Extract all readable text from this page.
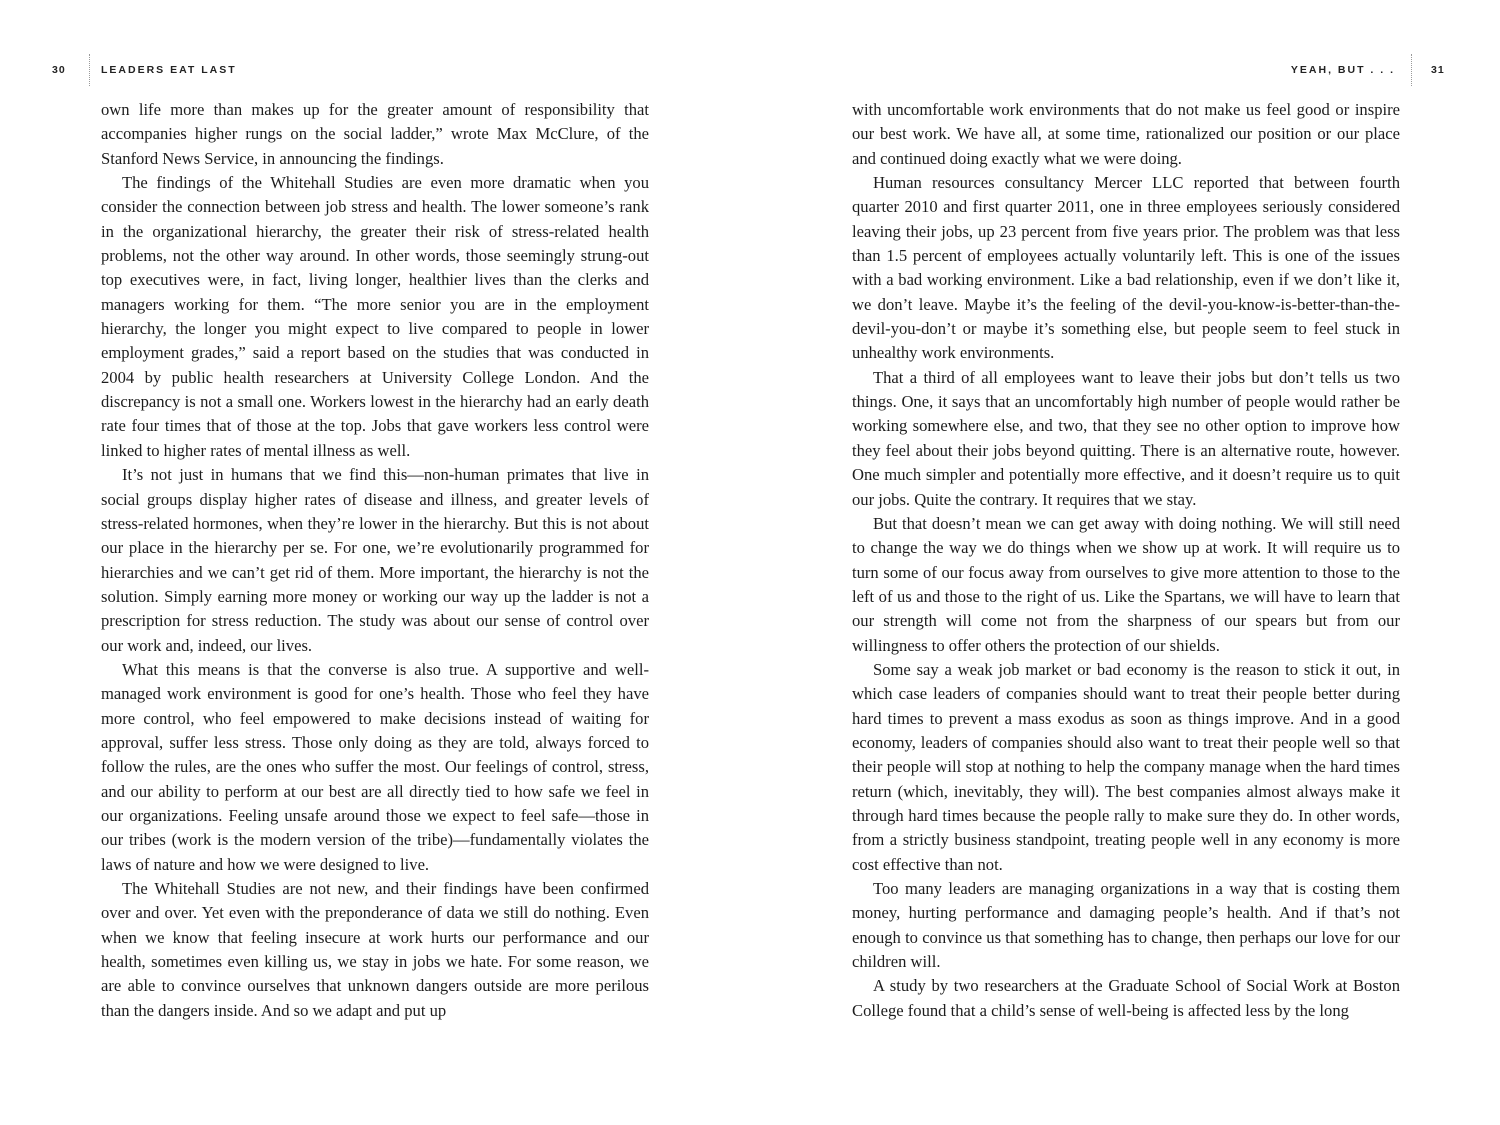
30	LEADERS EAT LAST

own life more than makes up for the greater amount of responsibility that accompanies higher rungs on the social ladder,” wrote Max McClure, of the Stanford News Service, in announcing the findings.

The findings of the Whitehall Studies are even more dramatic when you consider the connection between job stress and health. The lower someone’s rank in the organizational hierarchy, the greater their risk of stress-related health problems, not the other way around. In other words, those seemingly strung-out top executives were, in fact, living longer, healthier lives than the clerks and managers working for them. “The more senior you are in the employment hierarchy, the longer you might expect to live compared to people in lower employment grades,” said a report based on the studies that was conducted in 2004 by public health researchers at University College London. And the discrepancy is not a small one. Workers lowest in the hierarchy had an early death rate four times that of those at the top. Jobs that gave workers less control were linked to higher rates of mental illness as well.

It’s not just in humans that we find this—non-human primates that live in social groups display higher rates of disease and illness, and greater levels of stress-related hormones, when they’re lower in the hierarchy. But this is not about our place in the hierarchy per se. For one, we’re evolutionarily programmed for hierarchies and we can’t get rid of them. More important, the hierarchy is not the solution. Simply earning more money or working our way up the ladder is not a prescription for stress reduction. The study was about our sense of control over our work and, indeed, our lives.

What this means is that the converse is also true. A supportive and well-managed work environment is good for one’s health. Those who feel they have more control, who feel empowered to make decisions instead of waiting for approval, suffer less stress. Those only doing as they are told, always forced to follow the rules, are the ones who suffer the most. Our feelings of control, stress, and our ability to perform at our best are all directly tied to how safe we feel in our organizations. Feeling unsafe around those we expect to feel safe—those in our tribes (work is the modern version of the tribe)—fundamentally violates the laws of nature and how we were designed to live.

The Whitehall Studies are not new, and their findings have been confirmed over and over. Yet even with the preponderance of data we still do nothing. Even when we know that feeling insecure at work hurts our performance and our health, sometimes even killing us, we stay in jobs we hate. For some reason, we are able to convince ourselves that unknown dangers outside are more perilous than the dangers inside. And so we adapt and put up

YEAH, BUT . . .	31

with uncomfortable work environments that do not make us feel good or inspire our best work. We have all, at some time, rationalized our position or our place and continued doing exactly what we were doing.

Human resources consultancy Mercer LLC reported that between fourth quarter 2010 and first quarter 2011, one in three employees seriously considered leaving their jobs, up 23 percent from five years prior. The problem was that less than 1.5 percent of employees actually voluntarily left. This is one of the issues with a bad working environment. Like a bad relationship, even if we don’t like it, we don’t leave. Maybe it’s the feeling of the devil-you-know-is-better-than-the-devil-you-don’t or maybe it’s something else, but people seem to feel stuck in unhealthy work environments.

That a third of all employees want to leave their jobs but don’t tells us two things. One, it says that an uncomfortably high number of people would rather be working somewhere else, and two, that they see no other option to improve how they feel about their jobs beyond quitting. There is an alternative route, however. One much simpler and potentially more effective, and it doesn’t require us to quit our jobs. Quite the contrary. It requires that we stay.

But that doesn’t mean we can get away with doing nothing. We will still need to change the way we do things when we show up at work. It will require us to turn some of our focus away from ourselves to give more attention to those to the left of us and those to the right of us. Like the Spartans, we will have to learn that our strength will come not from the sharpness of our spears but from our willingness to offer others the protection of our shields.

Some say a weak job market or bad economy is the reason to stick it out, in which case leaders of companies should want to treat their people better during hard times to prevent a mass exodus as soon as things improve. And in a good economy, leaders of companies should also want to treat their people well so that their people will stop at nothing to help the company manage when the hard times return (which, inevitably, they will). The best companies almost always make it through hard times because the people rally to make sure they do. In other words, from a strictly business standpoint, treating people well in any economy is more cost effective than not.

Too many leaders are managing organizations in a way that is costing them money, hurting performance and damaging people’s health. And if that’s not enough to convince us that something has to change, then perhaps our love for our children will.

A study by two researchers at the Graduate School of Social Work at Boston College found that a child’s sense of well-being is affected less by the long
